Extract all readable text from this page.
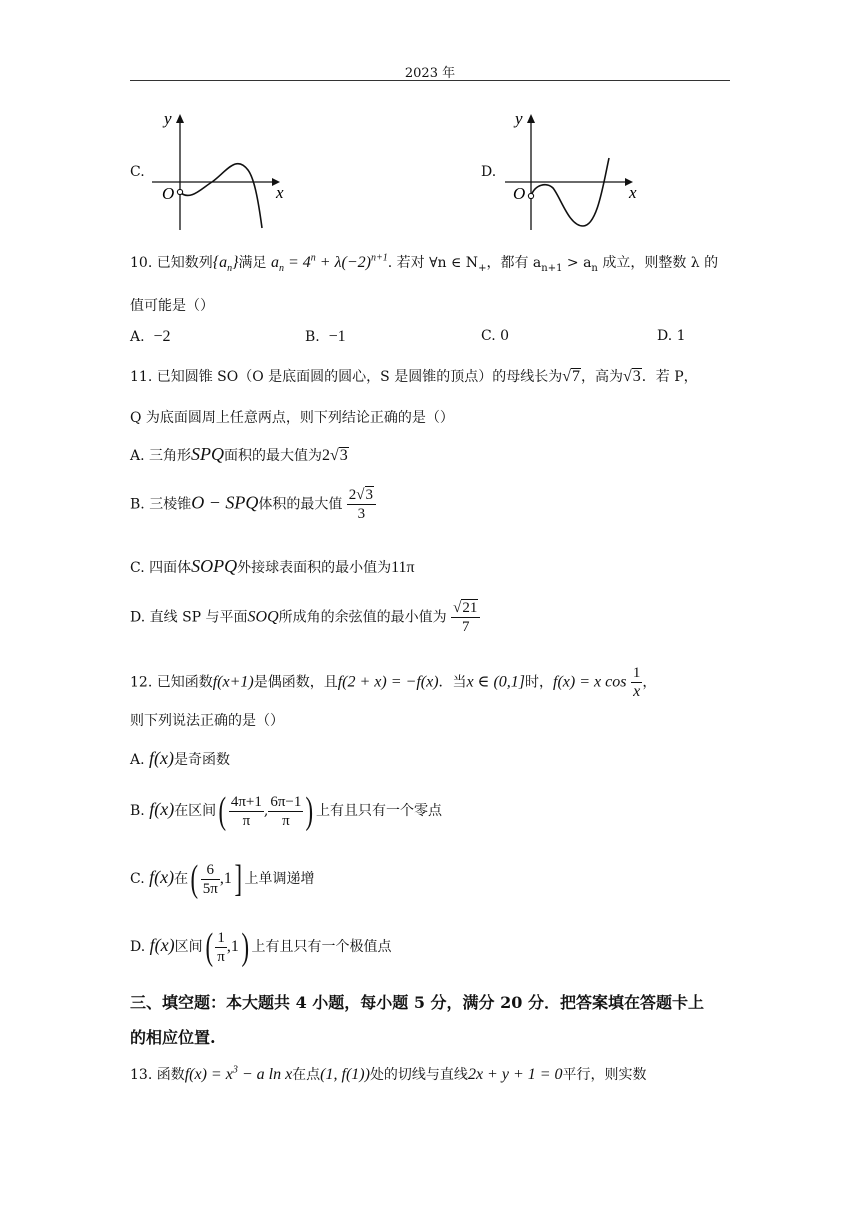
2023 年
C.
y
O	x
D.
y
O	x
10. 已知数列$\{a_n\}$满足 $a_n = 4^n + \lambda(-2)^{n+1}$. 若对 ∀n ∈ $N_+$，都有 $a_{n+1} > a_n$ 成立，则整数 λ 的
值可能是（）
A. −2	B. −1	C. 0	D. 1
11. 已知圆锥 SO（O 是底面圆的圆心，S 是圆锥的顶点）的母线长为√7，高为√3．若 P，
Q 为底面圆周上任意两点，则下列结论正确的是（）
A. 三角形SPQ面积的最大值为2√3
B. 三棱锥O − SPQ体积的最大值 $\frac{2√3}{3}$
C. 四面体SOPQ外接球表面积的最小值为11π
D. 直线 SP 与平面SOQ所成角的余弦值的最小值为 $\frac{√21}{7}$
12. 已知函数f(x+1)是偶函数，且f(2 + x) = −f(x)．当x ∈ (0,1]时，f(x) = x $\cos \frac{1}{x}$ ，
则下列说法正确的是（）
A. f(x)是奇函数
B. f(x)在区间( $\frac{4\pi+1}{\pi}$ , $\frac{6\pi-1}{\pi}$ ) 上有且只有一个零点
C. f(x)在( $\frac{6}{5\pi} ,1$] 上单调递增
D. f(x)区间( $\frac{1}{\pi} ,1$) 上有且只有一个极值点
三、填空题：本大题共 4 小题，每小题 5 分，满分 20 分．把答案填在答题卡上
的相应位置.
13. 函数$f(x) = x^3 - a$ ln x在点(1, f(1))处的切线与直线2x + y + 1 = 0平行，则实数
